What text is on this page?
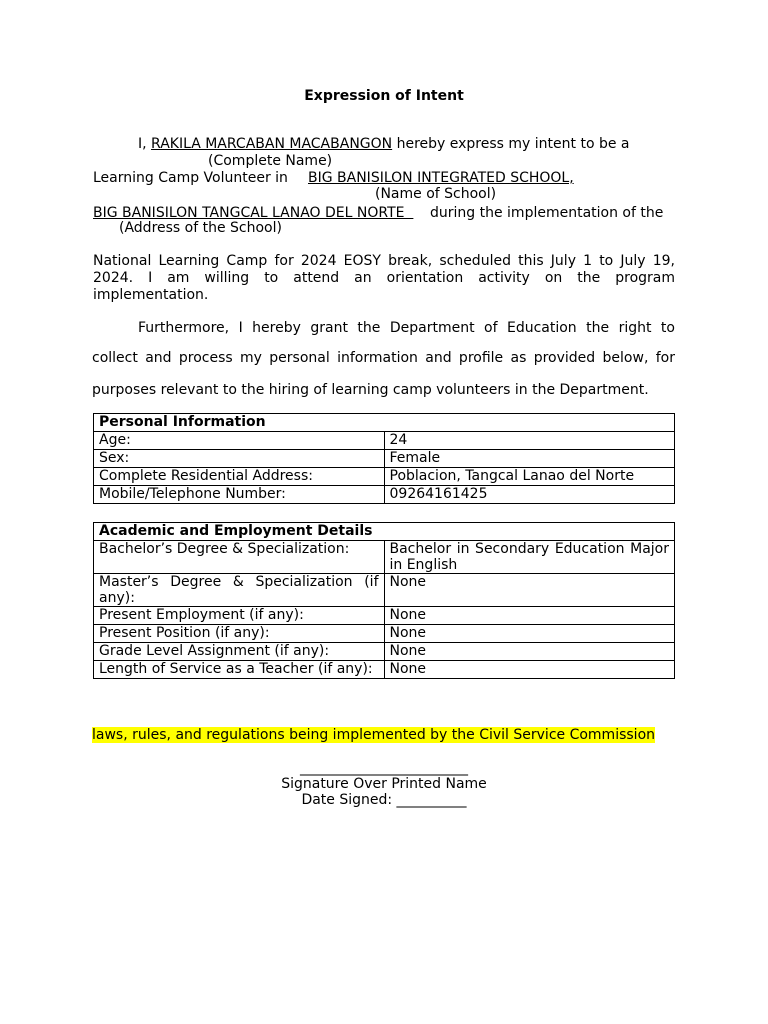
Expression of Intent
I, RAKILA MARCABAN MACABANGON hereby express my intent to be a
(Complete Name)
Learning Camp Volunteer in BIG BANISILON INTEGRATED SCHOOL,
(Name of School)
BIG BANISILON TANGCAL LANAO DEL NORTE during the implementation of the
(Address of the School)
National Learning Camp for 2024 EOSY break, scheduled this July 1 to July 19, 2024. I am willing to attend an orientation activity on the program implementation.
Furthermore, I hereby grant the Department of Education the right to
collect and process my personal information and profile as provided below, for
purposes relevant to the hiring of learning camp volunteers in the Department.
Personal Information	
Age:	24
Sex:	Female
Complete Residential Address:	Poblacion, Tangcal Lanao del Norte
Mobile/Telephone Number:	09264161425
Academic and Employment Details	
Bachelor’s Degree & Specialization:	Bachelor in Secondary Education Major in English
Master’s Degree & Specialization (if any):	None
Present Employment (if any):	None
Present Position (if any):	None
Grade Level Assignment (if any):	None
Length of Service as a Teacher (if any):	None
laws, rules, and regulations being implemented by the Civil Service Commission
________________________
Signature Over Printed Name
Date Signed: __________
